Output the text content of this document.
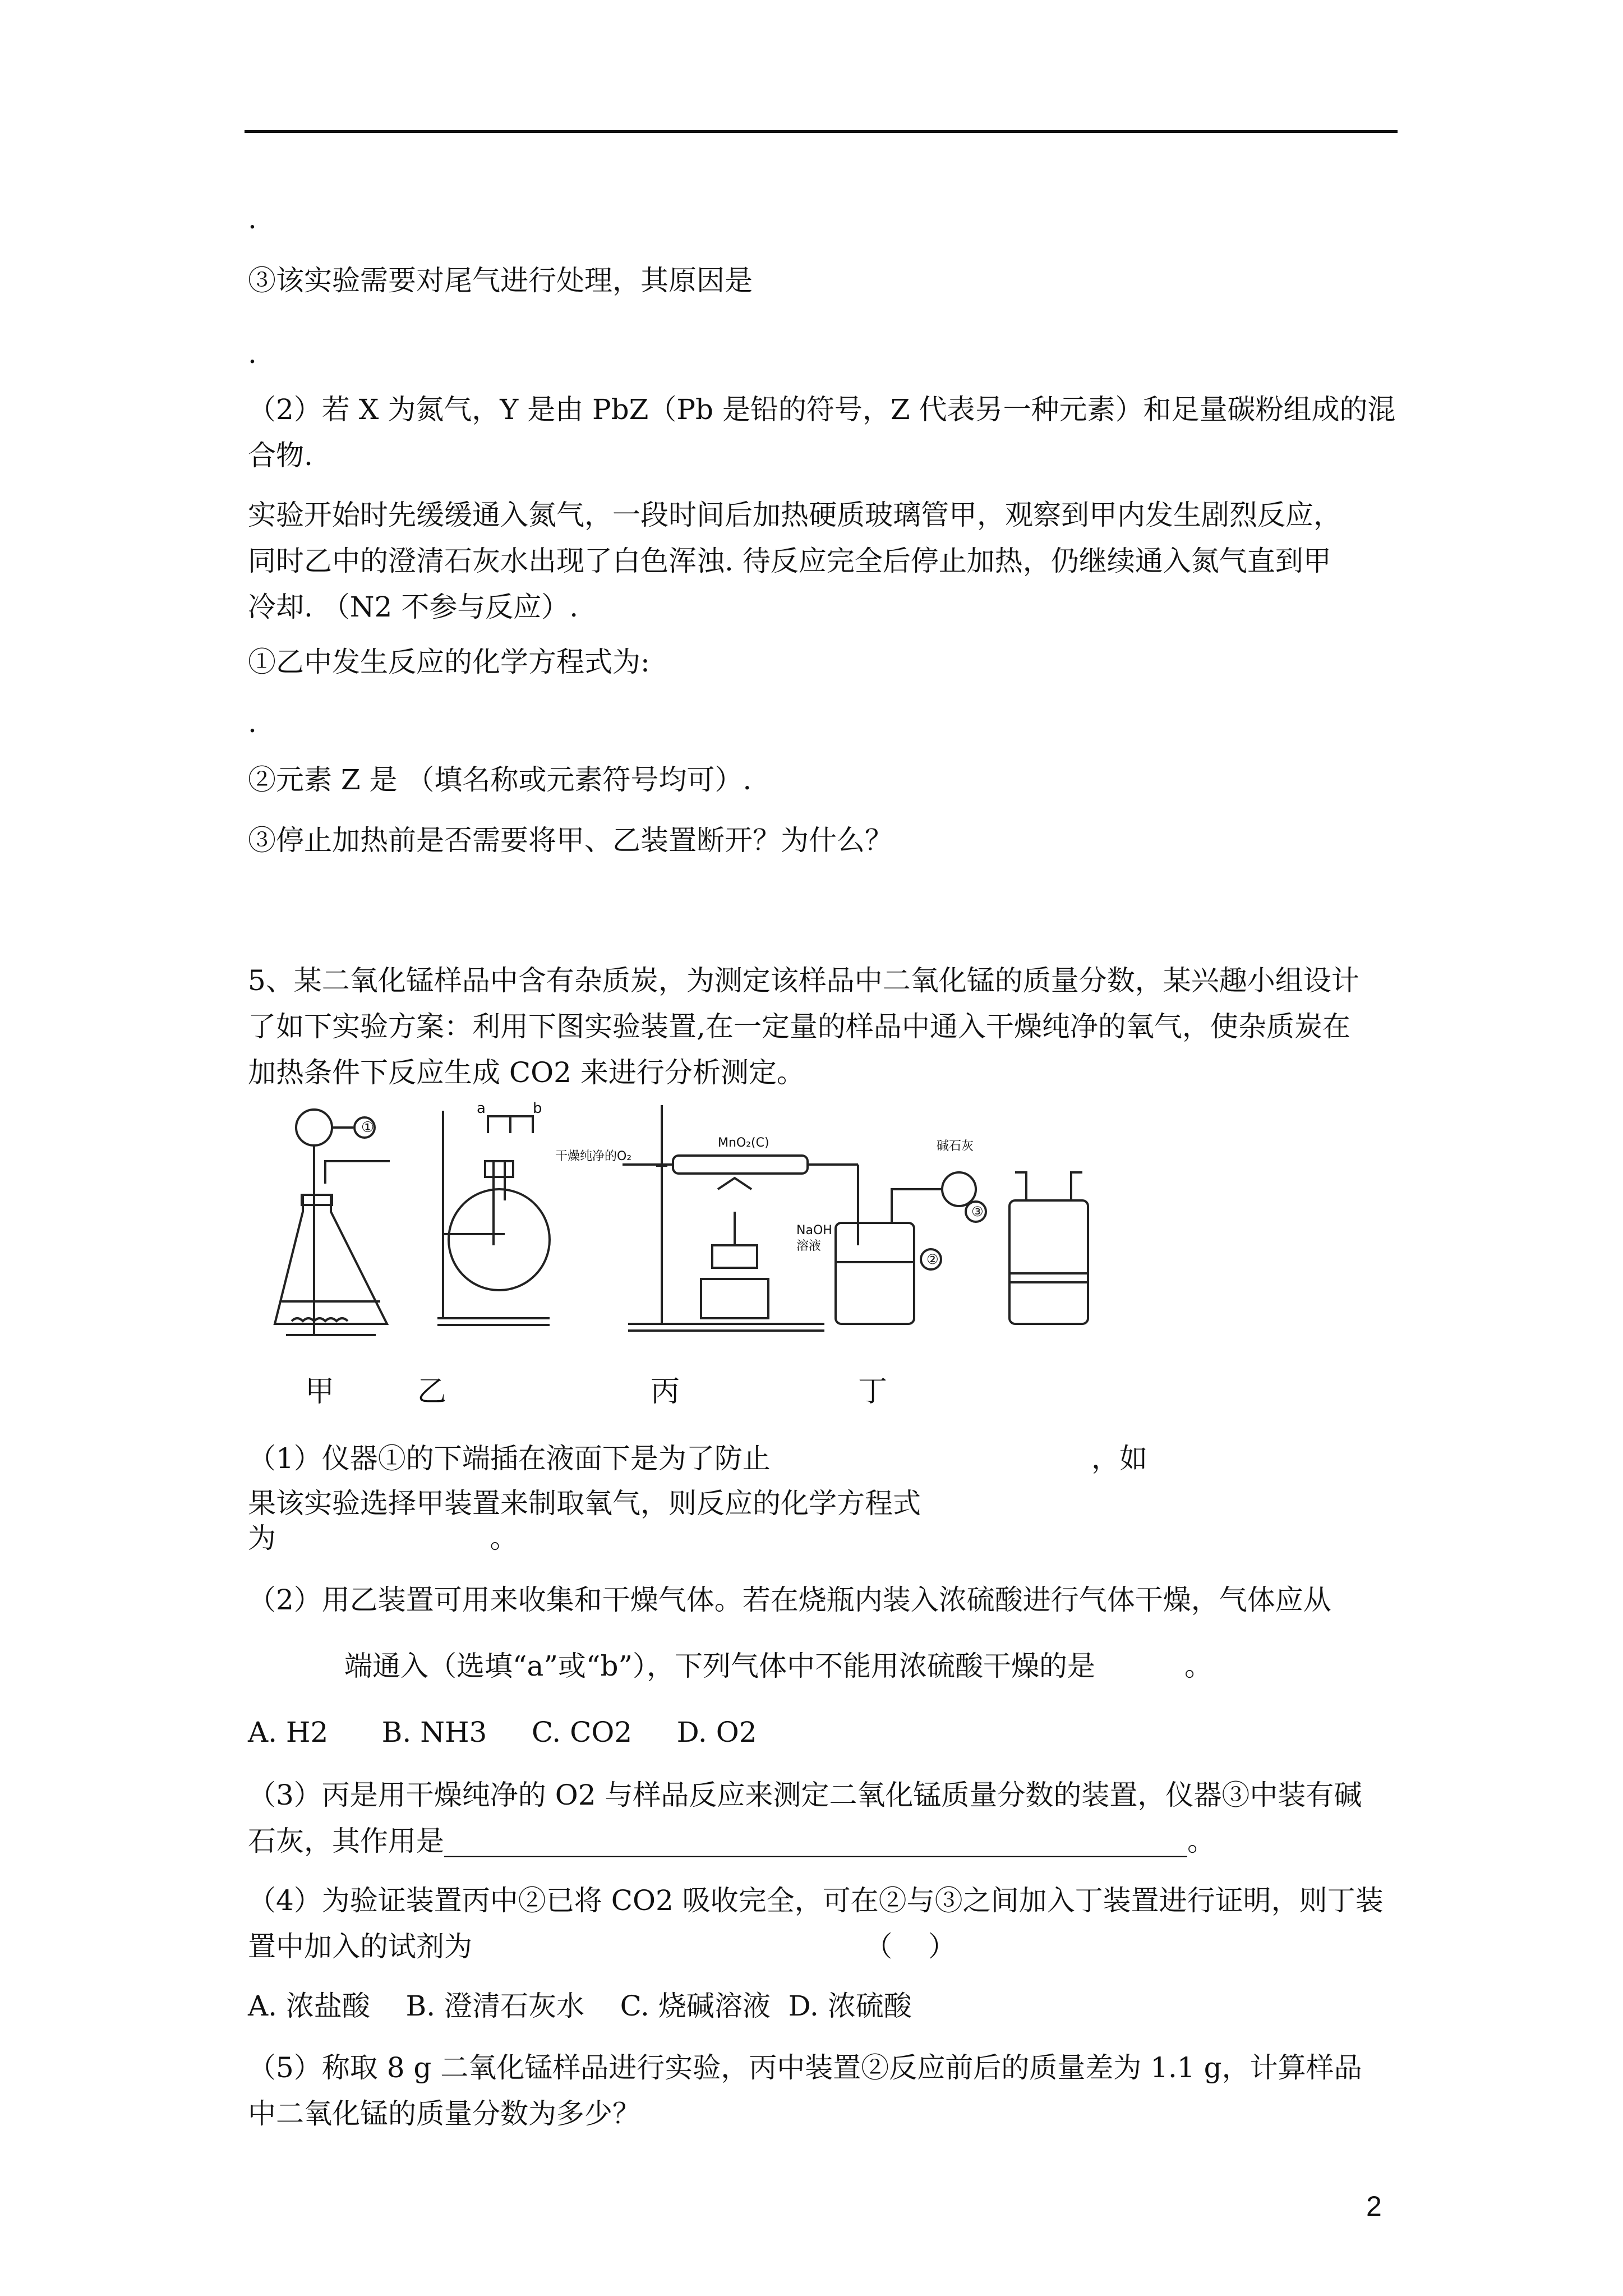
.
③该实验需要对尾气进行处理，其原因是
.
（2）若 X 为氮气，Y 是由 PbZ（Pb 是铅的符号，Z 代表另一种元素）和足量碳粉组成的混
合物.
实验开始时先缓缓通入氮气，一段时间后加热硬质玻璃管甲，观察到甲内发生剧烈反应，
同时乙中的澄清石灰水出现了白色浑浊. 待反应完全后停止加热，仍继续通入氮气直到甲
冷却. （N2 不参与反应）.
①乙中发生反应的化学方程式为:
.
②元素 Z 是 （填名称或元素符号均可）.
③停止加热前是否需要将甲、乙装置断开？为什么？
5、某二氧化锰样品中含有杂质炭，为测定该样品中二氧化锰的质量分数，某兴趣小组设计
了如下实验方案：利用下图实验装置,在一定量的样品中通入干燥纯净的氧气，使杂质炭在
加热条件下反应生成 CO2 来进行分析测定。
（1）仪器①的下端插在液面下是为了防止                                    ，如
果该实验选择甲装置来制取氧气，则反应的化学方程式
为                        。
（2）用乙装置可用来收集和干燥气体。若在烧瓶内装入浓硫酸进行气体干燥，气体应从
端通入（选填“a”或“b”），下列气体中不能用浓硫酸干燥的是          。
A. H2      B. NH3     C. CO2     D. O2
（3）丙是用干燥纯净的 O2 与样品反应来测定二氧化锰质量分数的装置，仪器③中装有碱
石灰，其作用是_____________________________________________________。
（4）为验证装置丙中②已将 CO2 吸收完全，可在②与③之间加入丁装置进行证明，则丁装
置中加入的试剂为                                            （    ）
A. 浓盐酸    B. 澄清石灰水    C. 烧碱溶液  D. 浓硫酸
（5）称取 8 g 二氧化锰样品进行实验，丙中装置②反应前后的质量差为 1.1 g，计算样品
中二氧化锰的质量分数为多少？
①
a	b
干燥纯净的O₂
MnO₂(C)	碱石灰
NaOH
溶液
②
③
甲	乙	丙	丁
2
